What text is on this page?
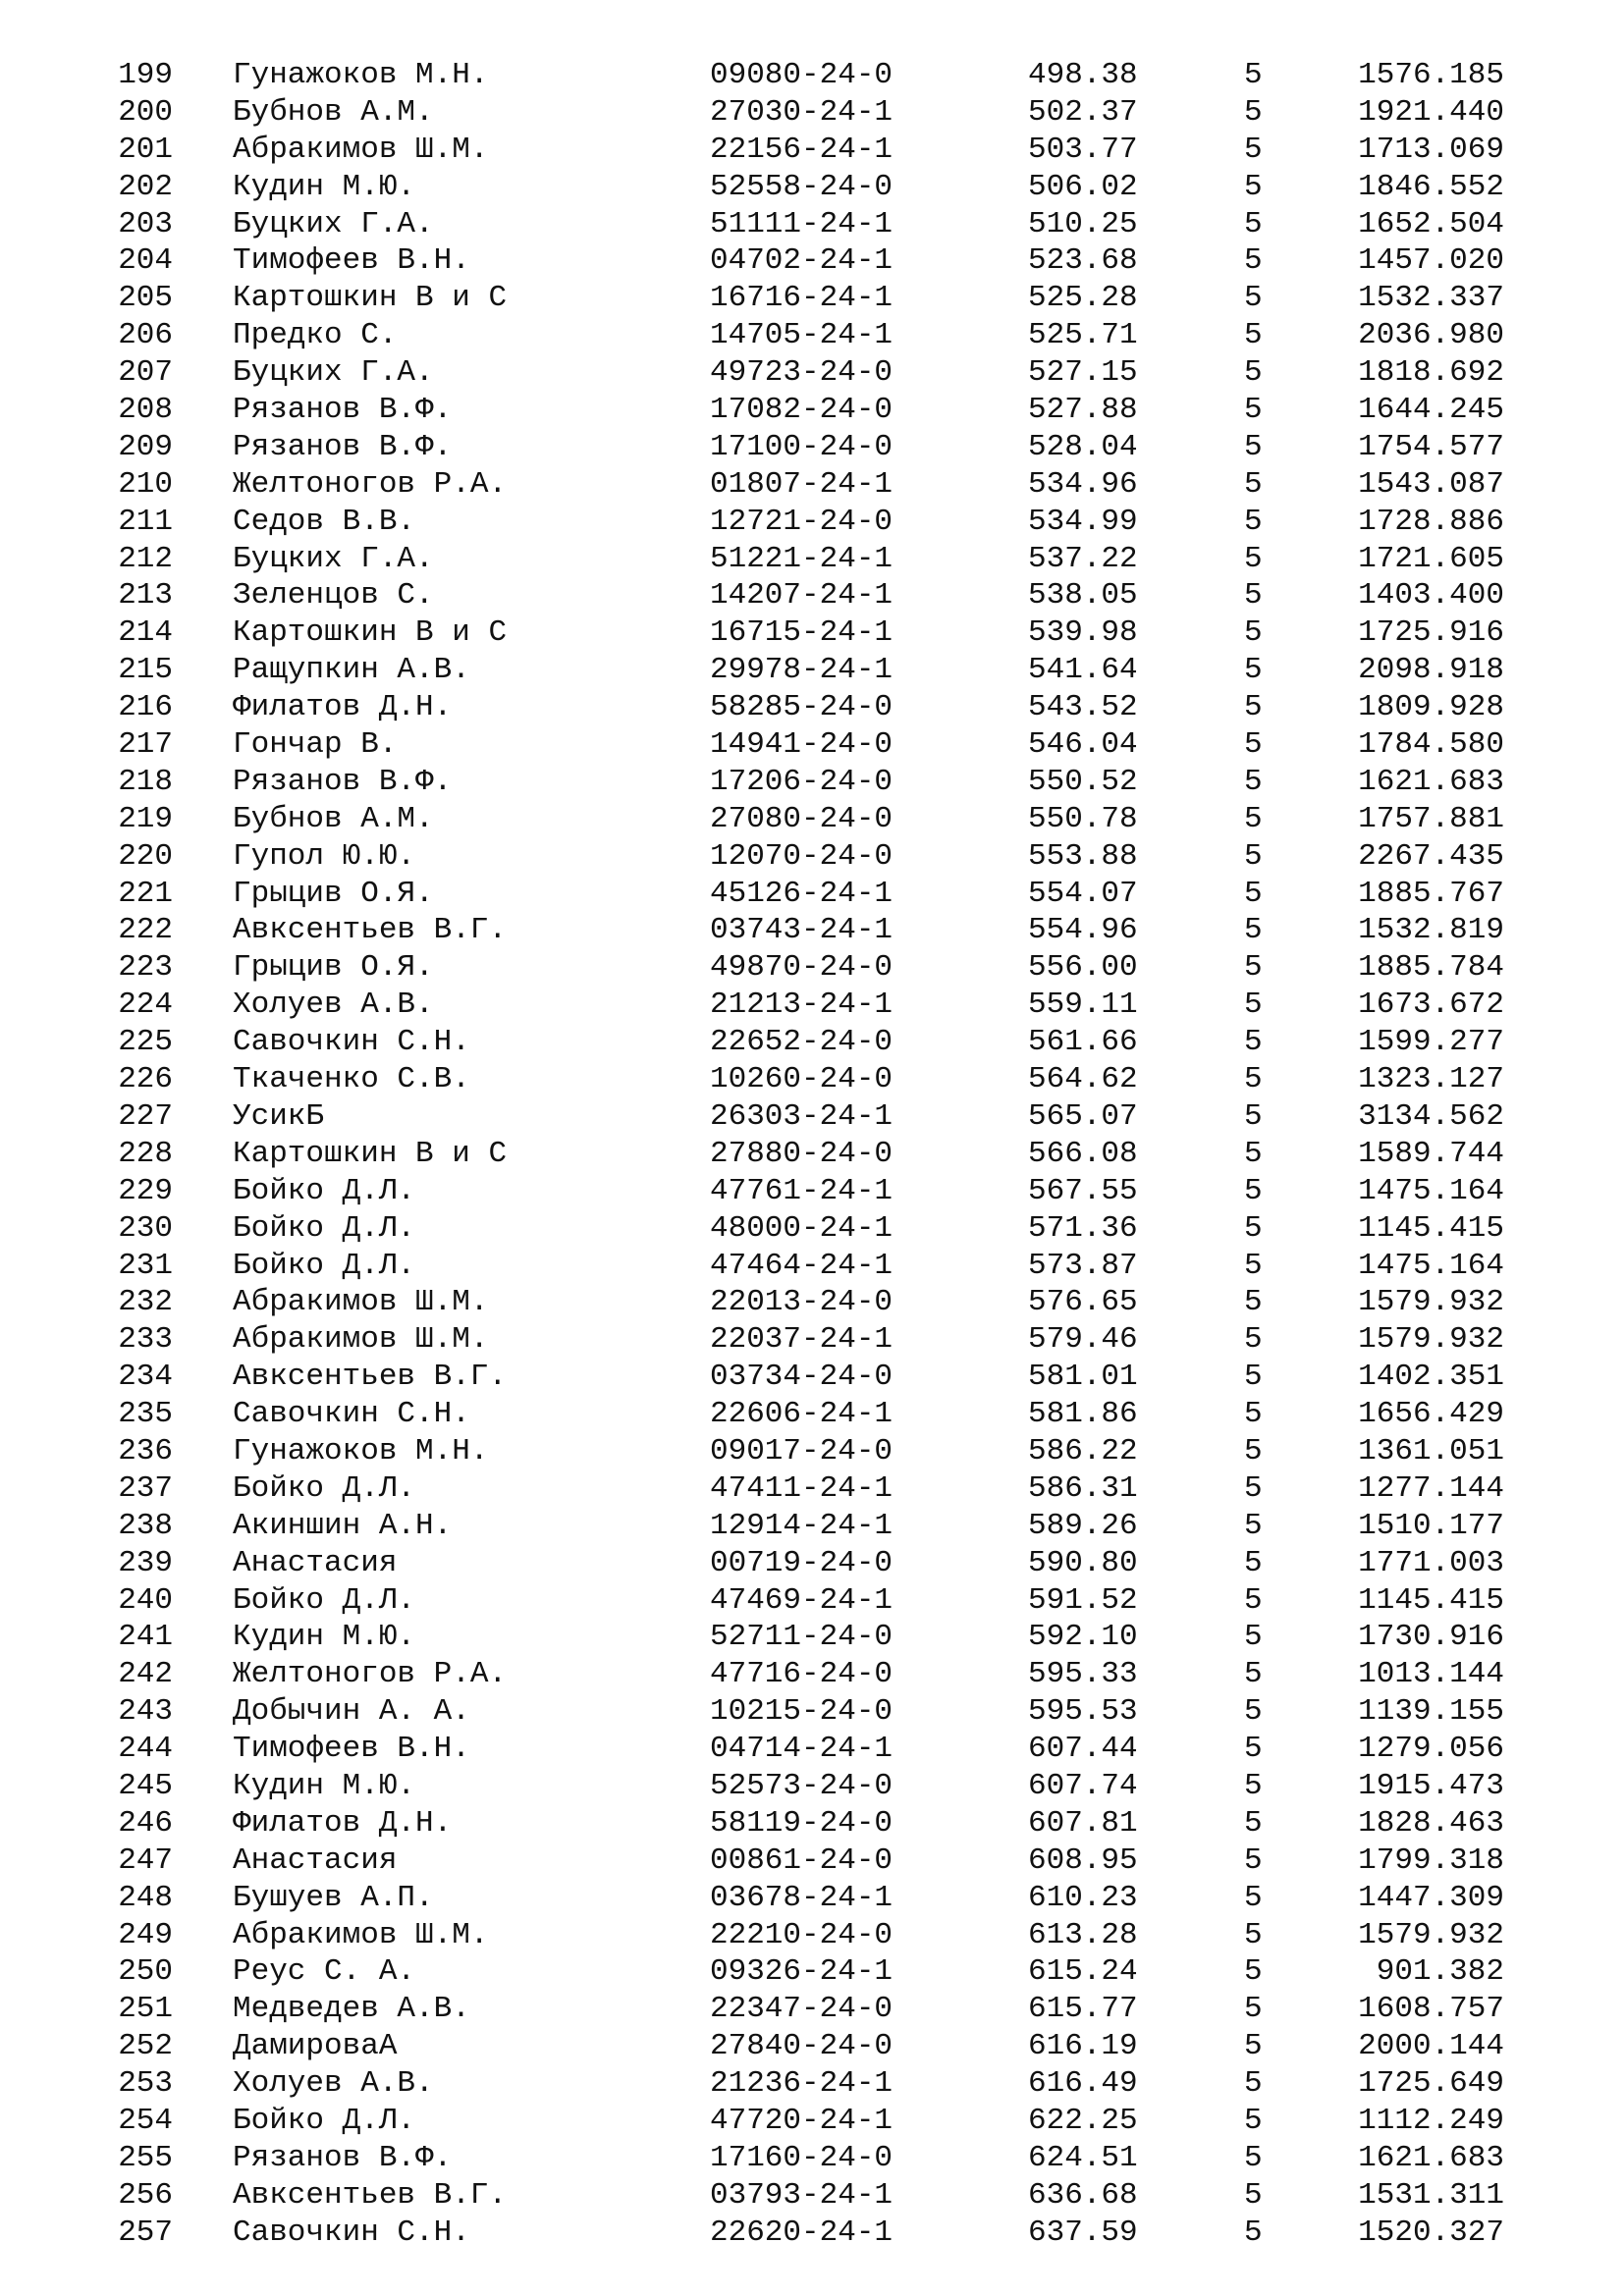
199 Гунажоков М.Н.	09080-24-0	498.38	5	1576.185
200 Бубнов А.М.	27030-24-1	502.37	5	1921.440
201 Абракимов Ш.М.	22156-24-1	503.77	5	1713.069
202 Кудин М.Ю.	52558-24-0	506.02	5	1846.552
203 Буцких Г.А.	51111-24-1	510.25	5	1652.504
204 Тимофеев В.Н.	04702-24-1	523.68	5	1457.020
205 Картошкин В и С	16716-24-1	525.28	5	1532.337
206 Предко С.	14705-24-1	525.71	5	2036.980
207 Буцких Г.А.	49723-24-0	527.15	5	1818.692
208 Рязанов В.Ф.	17082-24-0	527.88	5	1644.245
209 Рязанов В.Ф.	17100-24-0	528.04	5	1754.577
210 Желтоногов Р.А.	01807-24-1	534.96	5	1543.087
211 Седов В.В.	12721-24-0	534.99	5	1728.886
212 Буцких Г.А.	51221-24-1	537.22	5	1721.605
213 Зеленцов С.	14207-24-1	538.05	5	1403.400
214 Картошкин В и С	16715-24-1	539.98	5	1725.916
215 Ращупкин А.В.	29978-24-1	541.64	5	2098.918
216 Филатов Д.Н.	58285-24-0	543.52	5	1809.928
217 Гончар В.	14941-24-0	546.04	5	1784.580
218 Рязанов В.Ф.	17206-24-0	550.52	5	1621.683
219 Бубнов А.М.	27080-24-0	550.78	5	1757.881
220 Гупол Ю.Ю.	12070-24-0	553.88	5	2267.435
221 Грыцив О.Я.	45126-24-1	554.07	5	1885.767
222 Авксентьев В.Г.	03743-24-1	554.96	5	1532.819
223 Грыцив О.Я.	49870-24-0	556.00	5	1885.784
224 Холуев А.В.	21213-24-1	559.11	5	1673.672
225 Савочкин С.Н.	22652-24-0	561.66	5	1599.277
226 Ткаченко С.В.	10260-24-0	564.62	5	1323.127
227 УсикБ	26303-24-1	565.07	5	3134.562
228 Картошкин В и С	27880-24-0	566.08	5	1589.744
229 Бойко Д.Л.	47761-24-1	567.55	5	1475.164
230 Бойко Д.Л.	48000-24-1	571.36	5	1145.415
231 Бойко Д.Л.	47464-24-1	573.87	5	1475.164
232 Абракимов Ш.М.	22013-24-0	576.65	5	1579.932
233 Абракимов Ш.М.	22037-24-1	579.46	5	1579.932
234 Авксентьев В.Г.	03734-24-0	581.01	5	1402.351
235 Савочкин С.Н.	22606-24-1	581.86	5	1656.429
236 Гунажоков М.Н.	09017-24-0	586.22	5	1361.051
237 Бойко Д.Л.	47411-24-1	586.31	5	1277.144
238 Акиншин А.Н.	12914-24-1	589.26	5	1510.177
239 Анастасия	00719-24-0	590.80	5	1771.003
240 Бойко Д.Л.	47469-24-1	591.52	5	1145.415
241 Кудин М.Ю.	52711-24-0	592.10	5	1730.916
242 Желтоногов Р.А.	47716-24-0	595.33	5	1013.144
243 Добычин А. А.	10215-24-0	595.53	5	1139.155
244 Тимофеев В.Н.	04714-24-1	607.44	5	1279.056
245 Кудин М.Ю.	52573-24-0	607.74	5	1915.473
246 Филатов Д.Н.	58119-24-0	607.81	5	1828.463
247 Анастасия	00861-24-0	608.95	5	1799.318
248 Бушуев А.П.	03678-24-1	610.23	5	1447.309
249 Абракимов Ш.М.	22210-24-0	613.28	5	1579.932
250 Реус С. А.	09326-24-1	615.24	5	901.382
251 Медведев А.В.	22347-24-0	615.77	5	1608.757
252 ДамироваА	27840-24-0	616.19	5	2000.144
253 Холуев А.В.	21236-24-1	616.49	5	1725.649
254 Бойко Д.Л.	47720-24-1	622.25	5	1112.249
255 Рязанов В.Ф.	17160-24-0	624.51	5	1621.683
256 Авксентьев В.Г.	03793-24-1	636.68	5	1531.311
257 Савочкин С.Н.	22620-24-1	637.59	5	1520.327
